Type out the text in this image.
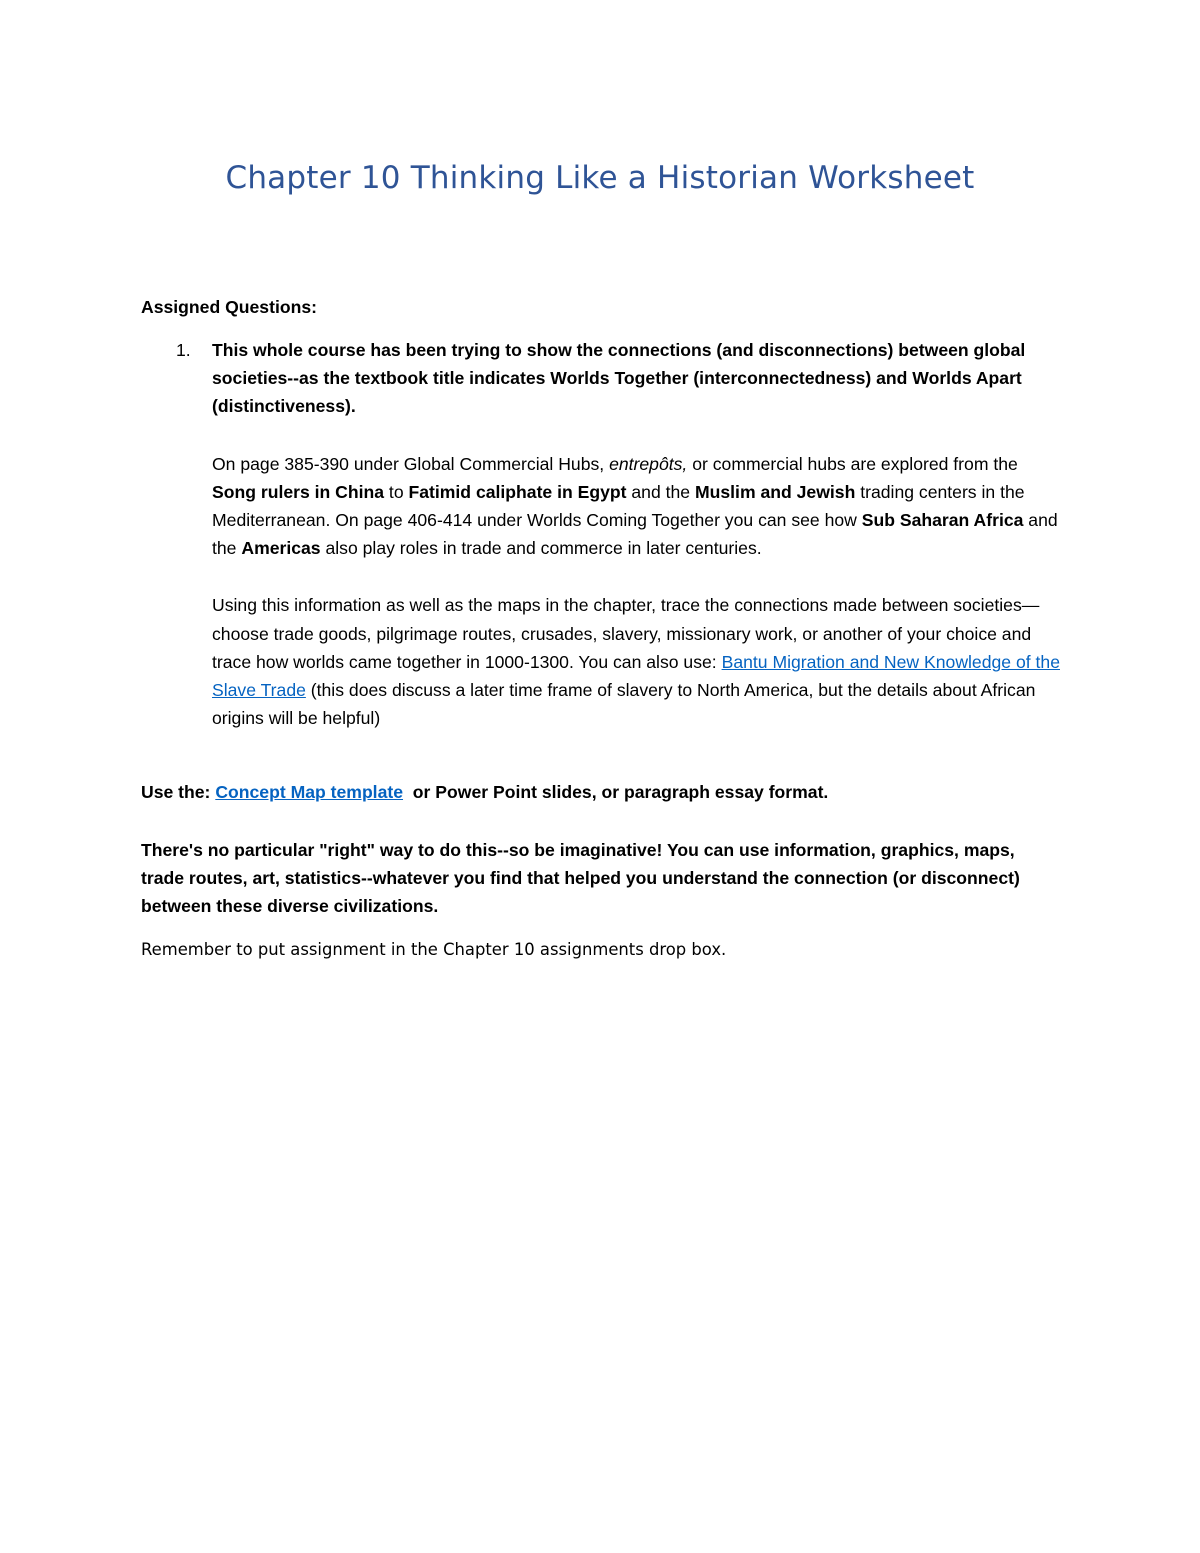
Chapter 10 Thinking Like a Historian Worksheet

Assigned Questions:

1. This whole course has been trying to show the connections (and disconnections) between global societies--as the textbook title indicates Worlds Together (interconnectedness) and Worlds Apart (distinctiveness).

On page 385-390 under Global Commercial Hubs, entrepôts, or commercial hubs are explored from the Song rulers in China to Fatimid caliphate in Egypt and the Muslim and Jewish trading centers in the Mediterranean. On page 406-414 under Worlds Coming Together you can see how Sub Saharan Africa and the Americas also play roles in trade and commerce in later centuries.

Using this information as well as the maps in the chapter, trace the connections made between societies—choose trade goods, pilgrimage routes, crusades, slavery, missionary work, or another of your choice and trace how worlds came together in 1000-1300. You can also use: Bantu Migration and New Knowledge of the Slave Trade (this does discuss a later time frame of slavery to North America, but the details about African origins will be helpful)

Use the: Concept Map template  or Power Point slides, or paragraph essay format.

There's no particular "right" way to do this--so be imaginative! You can use information, graphics, maps, trade routes, art, statistics--whatever you find that helped you understand the connection (or disconnect) between these diverse civilizations.

Remember to put assignment in the Chapter 10 assignments drop box.
